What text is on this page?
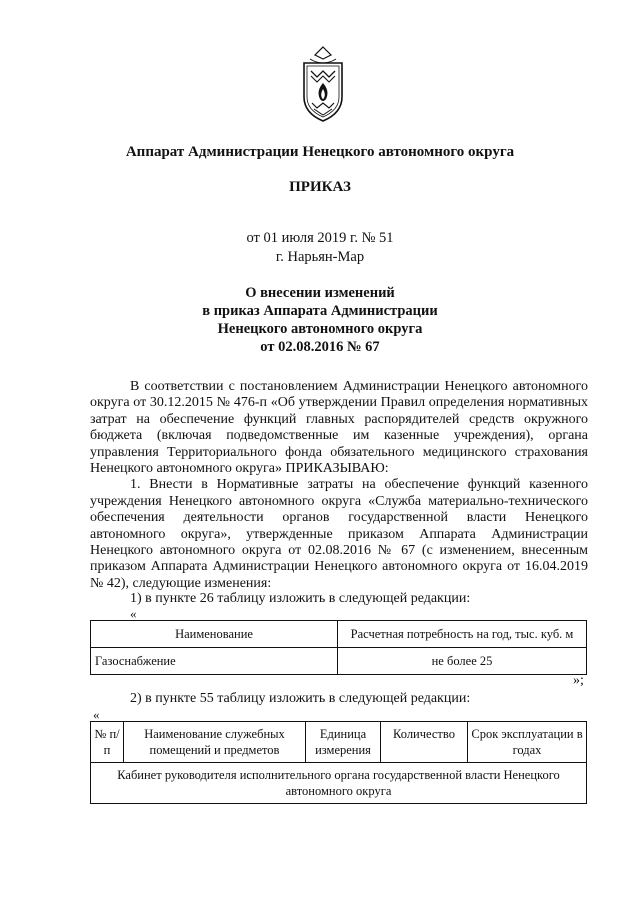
Аппарат Администрации Ненецкого автономного округа
ПРИКАЗ
от 01 июля 2019 г. № 51
г. Нарьян-Мар
О внесении изменений
в приказ Аппарата Администрации
Ненецкого автономного округа
от 02.08.2016 № 67

В соответствии с постановлением Администрации Ненецкого автономного округа от 30.12.2015 № 476-п «Об утверждении Правил определения нормативных затрат на обеспечение функций главных распорядителей средств окружного бюджета (включая подведомственные им казенные учреждения), органа управления Территориального фонда обязательного медицинского страхования Ненецкого автономного округа» ПРИКАЗЫВАЮ:

1. Внести в Нормативные затраты на обеспечение функций казенного учреждения Ненецкого автономного округа «Служба материально-технического обеспечения деятельности органов государственной власти Ненецкого автономного округа», утвержденные приказом Аппарата Администрации Ненецкого автономного округа от 02.08.2016 № 67 (с изменением, внесенным приказом Аппарата Администрации Ненецкого автономного округа от 16.04.2019 № 42), следующие изменения:

1) в пункте 26 таблицу изложить в следующей редакции:
«
Наименование	Расчетная потребность на год, тыс. куб. м
Газоснабжение	не более 25
»;
2) в пункте 55 таблицу изложить в следующей редакции:
«
№ п/п	Наименование служебных помещений и предметов	Единица измерения	Количество	Срок эксплуатации в годах
Кабинет руководителя исполнительного органа государственной власти Ненецкого автономного округа
